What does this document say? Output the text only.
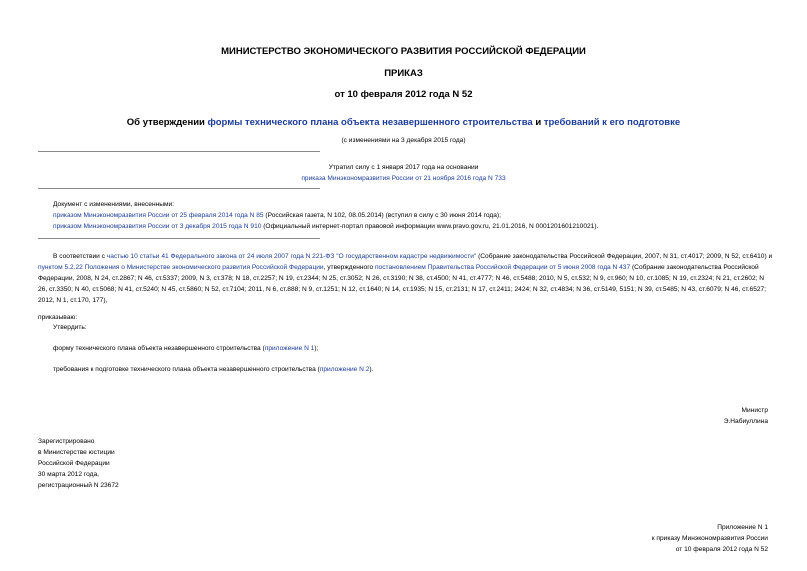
МИНИСТЕРСТВО ЭКОНОМИЧЕСКОГО РАЗВИТИЯ РОССИЙСКОЙ ФЕДЕРАЦИИ
ПРИКАЗ
от 10 февраля 2012 года N 52
Об утверждении формы технического плана объекта незавершенного строительства и требований к его подготовке
(с изменениями на 3 декабря 2015 года)
Утратил силу с 1 января 2017 года на основании
приказа Минэкономразвития России от 21 ноября 2016 года N 733
Документ с изменениями, внесенными:
приказом Минэкономразвития России от 25 февраля 2014 года N 85 (Российская газета, N 102, 08.05.2014) (вступил в силу с 30 июня 2014 года);
приказом Минэкономразвития России от 3 декабря 2015 года N 910 (Официальный интернет-портал правовой информации www.pravo.gov.ru, 21.01.2016, N 0001201601210021).
В соответствии с частью 10 статьи 41 Федерального закона от 24 июля 2007 года N 221-ФЗ "О государственном кадастре недвижимости" (Собрание законодательства Российской Федерации, 2007, N 31, ст.4017; 2009, N 52, ст.6410) и пунктом 5.2.22 Положения о Министерстве экономического развития Российской Федерации, утвержденного постановлением Правительства Российской Федерации от 5 июня 2008 года N 437 (Собрание законодательства Российской Федерации, 2008, N 24, ст.2867; N 46, ст.5337; 2009, N 3, ст.378; N 18, ст.2257; N 19, ст.2344; N 25, ст.3052; N 26, ст.3190; N 38, ст.4500; N 41, ст.4777; N 46, ст.5488; 2010, N 5, ст.532; N 9, ст.960; N 10, ст.1085; N 19, ст.2324; N 21, ст.2602; N 26, ст.3350; N 40, ст.5068; N 41, ст.5240; N 45, ст.5860; N 52, ст.7104; 2011, N 6, ст.888; N 9, ст.1251; N 12, ст.1640; N 14, ст.1935; N 15, ст.2131; N 17, ст.2411; 2424; N 32, ст.4834; N 36, ст.5149, 5151; N 39, ст.5485; N 43, ст.6079; N 46, ст.6527; 2012, N 1, ст.170, 177),
приказываю:
Утвердить:
форму технического плана объекта незавершенного строительства (приложение N 1);
требования к подготовке технического плана объекта незавершенного строительства (приложение N 2).
Министр
Э.Набиуллина
Зарегистрировано
в Министерстве юстиции
Российской Федерации
30 марта 2012 года,
регистрационный N 23672
Приложение N 1
к приказу Минэкономразвития России
от 10 февраля 2012 года N 52
